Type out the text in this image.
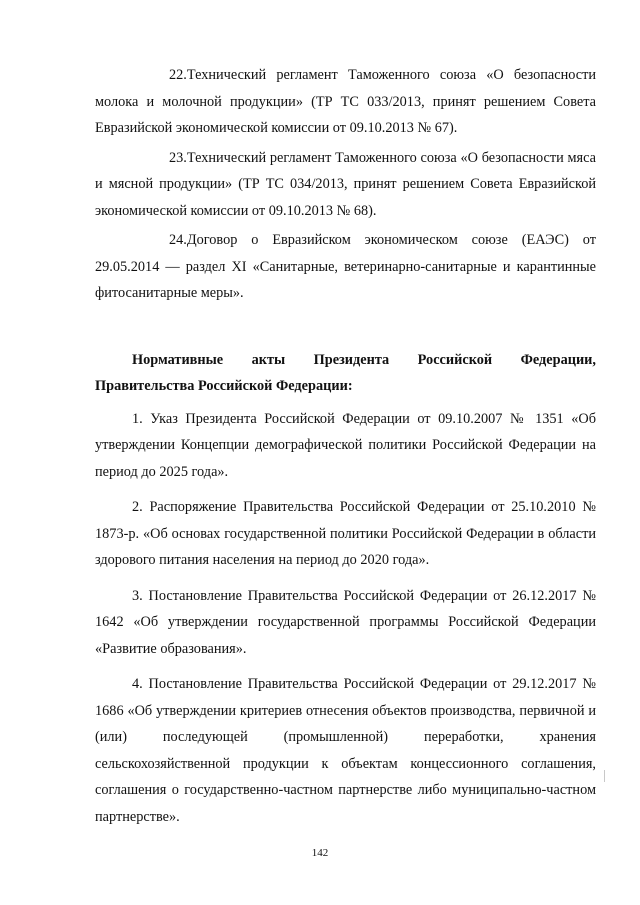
22.Технический регламент Таможенного союза «О безопасности молока и молочной продукции» (ТР ТС 033/2013, принят решением Совета Евразийской экономической комиссии от 09.10.2013 № 67).

23.Технический регламент Таможенного союза «О безопасности мяса и мясной продукции» (ТР ТС 034/2013, принят решением Совета Евразийской экономической комиссии от 09.10.2013 № 68).

24.Договор о Евразийском экономическом союзе (ЕАЭС) от 29.05.2014 — раздел XI «Санитарные, ветеринарно-санитарные и карантинные фитосанитарные меры».

Нормативные акты Президента Российской Федерации,
Правительства Российской Федерации:

1. Указ Президента Российской Федерации от 09.10.2007 № 1351 «Об утверждении Концепции демографической политики Российской Федерации на период до 2025 года».

2. Распоряжение Правительства Российской Федерации от 25.10.2010 № 1873-р. «Об основах государственной политики Российской Федерации в области здорового питания населения на период до 2020 года».

3. Постановление Правительства Российской Федерации от 26.12.2017 № 1642 «Об утверждении государственной программы Российской Федерации «Развитие образования».

4. Постановление Правительства Российской Федерации от 29.12.2017 № 1686 «Об утверждении критериев отнесения объектов производства, первичной и (или) последующей (промышленной) переработки, хранения сельскохозяйственной продукции к объектам концессионного соглашения, соглашения о государственно-частном партнерстве либо муниципально-частном партнерстве».

142
